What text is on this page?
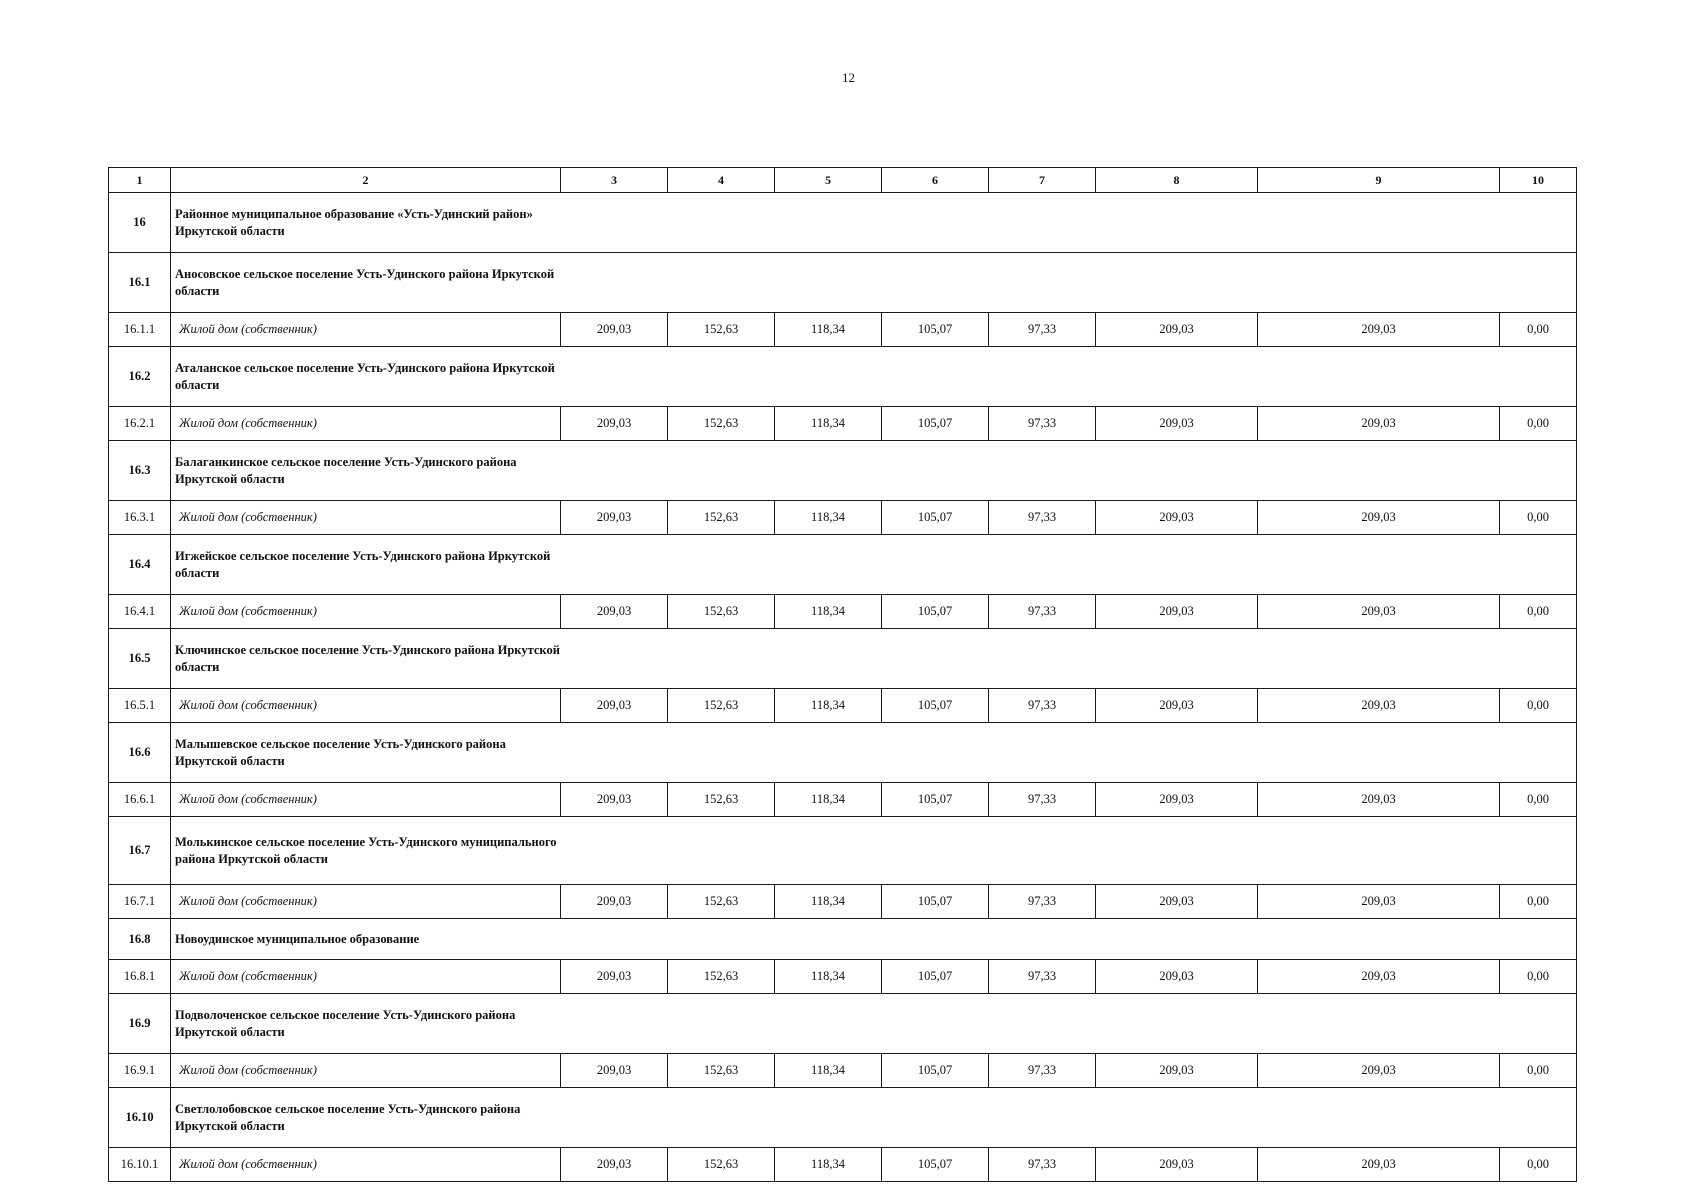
12
1	2	3	4	5	6	7	8	9	10
16	Районное муниципальное образование «Усть-Удинский район» Иркутской области								

16.1	Аносовское сельское поселение Усть-Удинского района Иркутской области								

16.1.1	Жилой дом (собственник)	209,03	152,63	118,34	105,07	97,33	209,03	209,03	0,00
16.2	Аталанское сельское поселение Усть-Удинского района Иркутской области								

16.2.1	Жилой дом (собственник)	209,03	152,63	118,34	105,07	97,33	209,03	209,03	0,00
16.3	Балаганкинское сельское поселение Усть-Удинского района Иркутской области								

16.3.1	Жилой дом (собственник)	209,03	152,63	118,34	105,07	97,33	209,03	209,03	0,00
16.4	Игжейское сельское поселение Усть-Удинского района Иркутской области								

16.4.1	Жилой дом (собственник)	209,03	152,63	118,34	105,07	97,33	209,03	209,03	0,00
16.5	Ключинское сельское поселение Усть-Удинского района Иркутской области								

16.5.1	Жилой дом (собственник)	209,03	152,63	118,34	105,07	97,33	209,03	209,03	0,00
16.6	Малышевское сельское поселение Усть-Удинского района Иркутской области								

16.6.1	Жилой дом (собственник)	209,03	152,63	118,34	105,07	97,33	209,03	209,03	0,00
16.7	Молькинское сельское поселение Усть-Удинского муниципального района Иркутской области								

16.7.1	Жилой дом (собственник)	209,03	152,63	118,34	105,07	97,33	209,03	209,03	0,00
16.8	Новоудинское муниципальное образование								

16.8.1	Жилой дом (собственник)	209,03	152,63	118,34	105,07	97,33	209,03	209,03	0,00
16.9	Подволоченское сельское поселение Усть-Удинского района Иркутской области								

16.9.1	Жилой дом (собственник)	209,03	152,63	118,34	105,07	97,33	209,03	209,03	0,00
16.10	Светлолобовское сельское поселение Усть-Удинского района Иркутской области								

16.10.1	Жилой дом (собственник)	209,03	152,63	118,34	105,07	97,33	209,03	209,03	0,00
